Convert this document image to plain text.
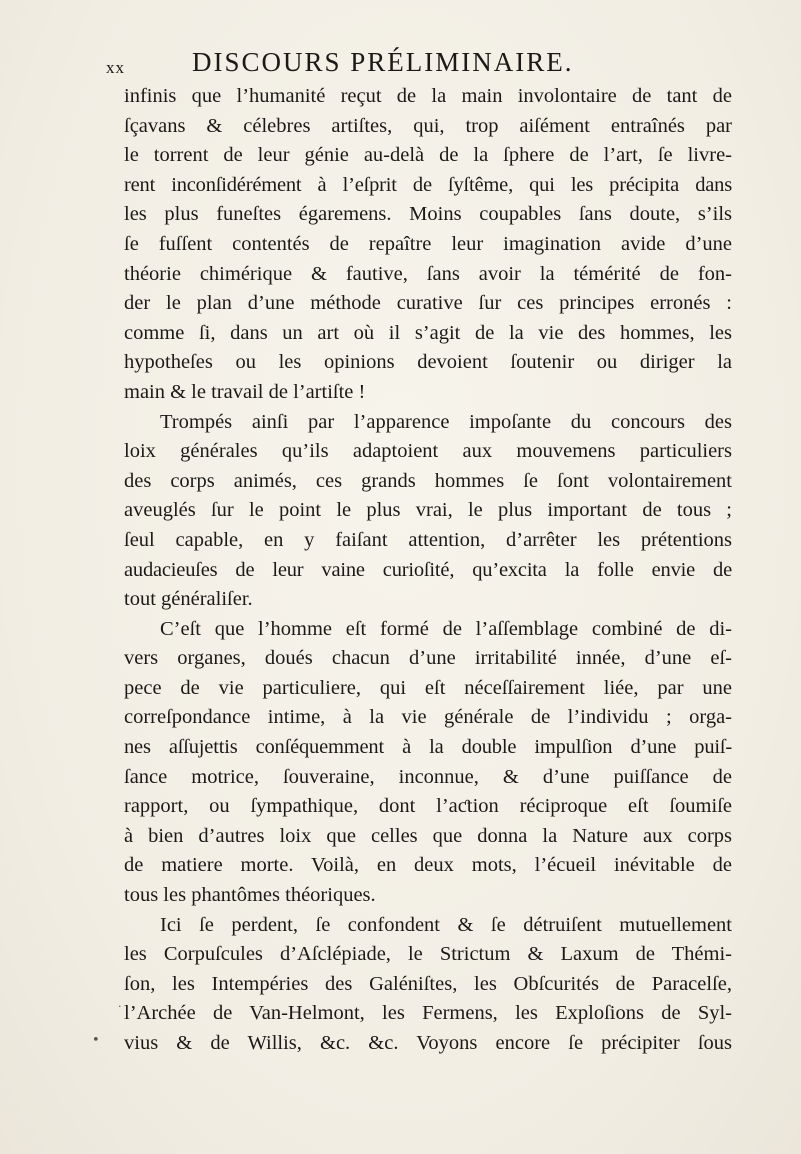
xx DISCOURS PRÉLIMINAIRE.
infinis que l’humanité reçut de la main involontaire de tant de
ſçavans & célebres artiſtes, qui, trop aiſément entraînés par
le torrent de leur génie au-delà de la ſphere de l’art, ſe livre-
rent inconſidérément à l’eſprit de ſyſtême, qui les précipita dans
les plus funeſtes égaremens. Moins coupables ſans doute, s’ils
ſe fuſſent contentés de repaître leur imagination avide d’une
théorie chimérique & fautive, ſans avoir la témérité de fon-
der le plan d’une méthode curative ſur ces principes erronés :
comme ſi, dans un art où il s’agit de la vie des hommes, les
hypotheſes ou les opinions devoient ſoutenir ou diriger la
main & le travail de l’artiſte !
Trompés ainſi par l’apparence impoſante du concours des
loix générales qu’ils adaptoient aux mouvemens particuliers
des corps animés, ces grands hommes ſe ſont volontairement
aveuglés ſur le point le plus vrai, le plus important de tous ;
ſeul capable, en y faiſant attention, d’arrêter les prétentions
audacieuſes de leur vaine curioſité, qu’excita la folle envie de
tout généraliſer.
C’eſt que l’homme eſt formé de l’aſſemblage combiné de di-
vers organes, doués chacun d’une irritabilité innée, d’une eſ-
pece de vie particuliere, qui eſt néceſſairement liée, par une
correſpondance intime, à la vie générale de l’individu ; orga-
nes aſſujettis conſéquemment à la double impulſion d’une puiſ-
ſance motrice, ſouveraine, inconnue, & d’une puiſſance de
rapport, ou ſympathique, dont l’aƈtion réciproque eſt ſoumiſe
à bien d’autres loix que celles que donna la Nature aux corps
de matiere morte. Voilà, en deux mots, l’écueil inévitable de
tous les phantômes théoriques.
Ici ſe perdent, ſe confondent & ſe détruiſent mutuellement
les Corpuſcules d’Aſclépiade, le Strictum & Laxum de Thémi-
ſon, les Intempéries des Galéniſtes, les Obſcurités de Paracelſe,
l’Archée de Van-Helmont, les Fermens, les Exploſions de Syl-
vius & de Willis, &c. &c. Voyons encore ſe précipiter ſous
•
·
